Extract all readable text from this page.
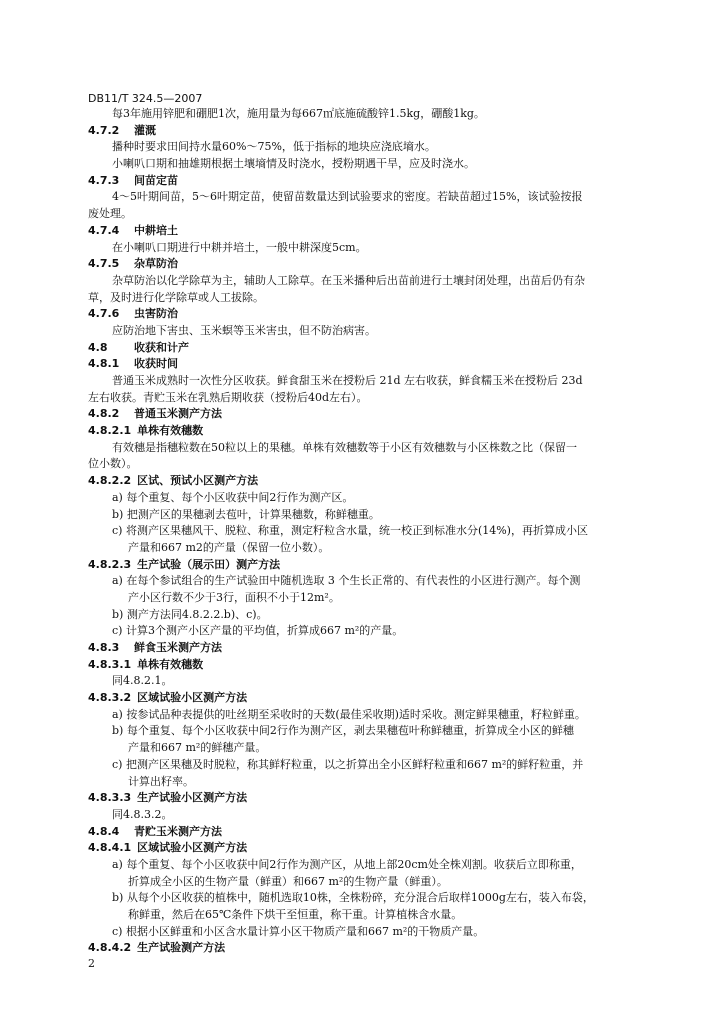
DB11/T 324.5—2007
每3年施用锌肥和硼肥1次，施用量为每667㎡底施硫酸锌1.5kg，硼酸1kg。
4.7.2 灌溉
播种时要求田间持水量60%～75%，低于指标的地块应浇底墒水。
小喇叭口期和抽雄期根据土壤墒情及时浇水，授粉期遇干旱，应及时浇水。
4.7.3 间苗定苗
4～5叶期间苗，5～6叶期定苗，使留苗数量达到试验要求的密度。若缺苗超过15%，该试验按报
废处理。
4.7.4 中耕培土
在小喇叭口期进行中耕并培土，一般中耕深度5cm。
4.7.5 杂草防治
杂草防治以化学除草为主，辅助人工除草。在玉米播种后出苗前进行土壤封闭处理，出苗后仍有杂
草，及时进行化学除草或人工拔除。
4.7.6 虫害防治
应防治地下害虫、玉米螟等玉米害虫，但不防治病害。
4.8 收获和计产
4.8.1 收获时间
普通玉米成熟时一次性分区收获。鲜食甜玉米在授粉后 21d 左右收获，鲜食糯玉米在授粉后 23d
左右收获。青贮玉米在乳熟后期收获（授粉后40d左右）。
4.8.2 普通玉米测产方法
4.8.2.1 单株有效穗数
有效穗是指穗粒数在50粒以上的果穗。单株有效穗数等于小区有效穗数与小区株数之比（保留一
位小数）。
4.8.2.2 区试、预试小区测产方法
a) 每个重复、每个小区收获中间2行作为测产区。
b) 把测产区的果穗剥去苞叶，计算果穗数，称鲜穗重。
c) 将测产区果穗风干、脱粒、称重，测定籽粒含水量，统一校正到标准水分(14%)，再折算成小区
产量和667 m2的产量（保留一位小数）。
4.8.2.3 生产试验（展示田）测产方法
a) 在每个参试组合的生产试验田中随机选取 3 个生长正常的、有代表性的小区进行测产。每个测
产小区行数不少于3行，面积不小于12m²。
b) 测产方法同4.8.2.2.b)、c)。
c) 计算3个测产小区产量的平均值，折算成667 m²的产量。
4.8.3 鲜食玉米测产方法
4.8.3.1 单株有效穗数
同4.8.2.1。
4.8.3.2 区域试验小区测产方法
a) 按参试品种表提供的吐丝期至采收时的天数(最佳采收期)适时采收。测定鲜果穗重，籽粒鲜重。
b) 每个重复、每个小区收获中间2行作为测产区，剥去果穗苞叶称鲜穗重，折算成全小区的鲜穗
产量和667 m²的鲜穗产量。
c) 把测产区果穗及时脱粒，称其鲜籽粒重，以之折算出全小区鲜籽粒重和667 m²的鲜籽粒重，并
计算出籽率。
4.8.3.3 生产试验小区测产方法
同4.8.3.2。
4.8.4 青贮玉米测产方法
4.8.4.1 区域试验小区测产方法
a) 每个重复、每个小区收获中间2行作为测产区，从地上部20cm处全株刈割。收获后立即称重，
折算成全小区的生物产量（鲜重）和667 m²的生物产量（鲜重）。
b) 从每个小区收获的植株中，随机选取10株，全株粉碎，充分混合后取样1000g左右，装入布袋，
称鲜重，然后在65℃条件下烘干至恒重，称干重。计算植株含水量。
c) 根据小区鲜重和小区含水量计算小区干物质产量和667 m²的干物质产量。
4.8.4.2 生产试验测产方法
2
